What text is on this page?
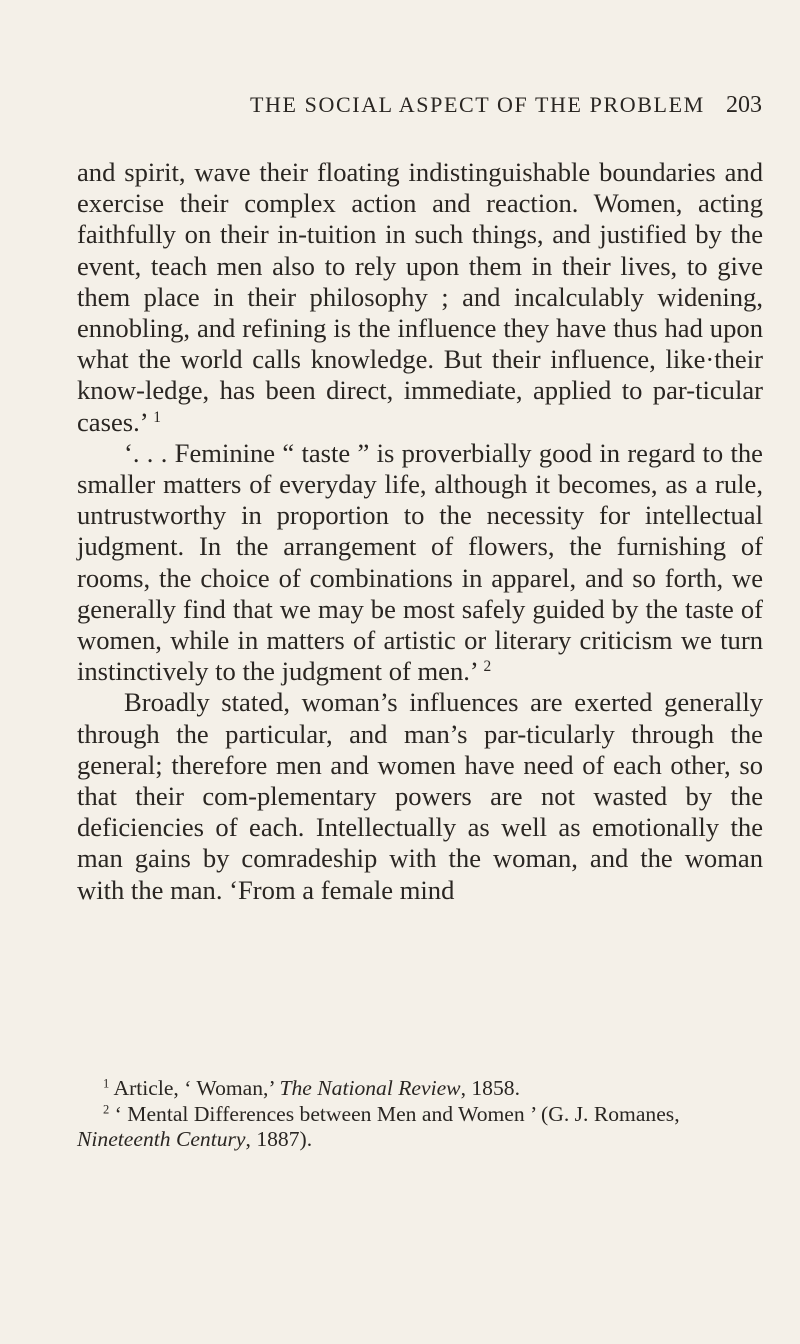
THE SOCIAL ASPECT OF THE PROBLEM 203

and spirit, wave their floating indistinguishable boundaries and exercise their complex action and reaction. Women, acting faithfully on their in-tuition in such things, and justified by the event, teach men also to rely upon them in their lives, to give them place in their philosophy ; and incalculably widening, ennobling, and refining is the influence they have thus had upon what the world calls knowledge. But their influence, like·their know-ledge, has been direct, immediate, applied to par-ticular cases.’ $^1$

‘. . . Feminine “ taste ” is proverbially good in regard to the smaller matters of everyday life, although it becomes, as a rule, untrustworthy in proportion to the necessity for intellectual judgment. In the arrangement of flowers, the furnishing of rooms, the choice of combinations in apparel, and so forth, we generally find that we may be most safely guided by the taste of women, while in matters of artistic or literary criticism we turn instinctively to the judgment of men.’ $^2$

Broadly stated, woman’s influences are exerted generally through the particular, and man’s par-ticularly through the general; therefore men and women have need of each other, so that their com-plementary powers are not wasted by the deficiencies of each. Intellectually as well as emotionally the man gains by comradeship with the woman, and the woman with the man. ‘From a female mind

$^1$ Article, ‘ Woman,’ The National Review, 1858.

$^2$ ‘ Mental Differences between Men and Women ’ (G. J. Romanes,
Nineteenth Century, 1887).
